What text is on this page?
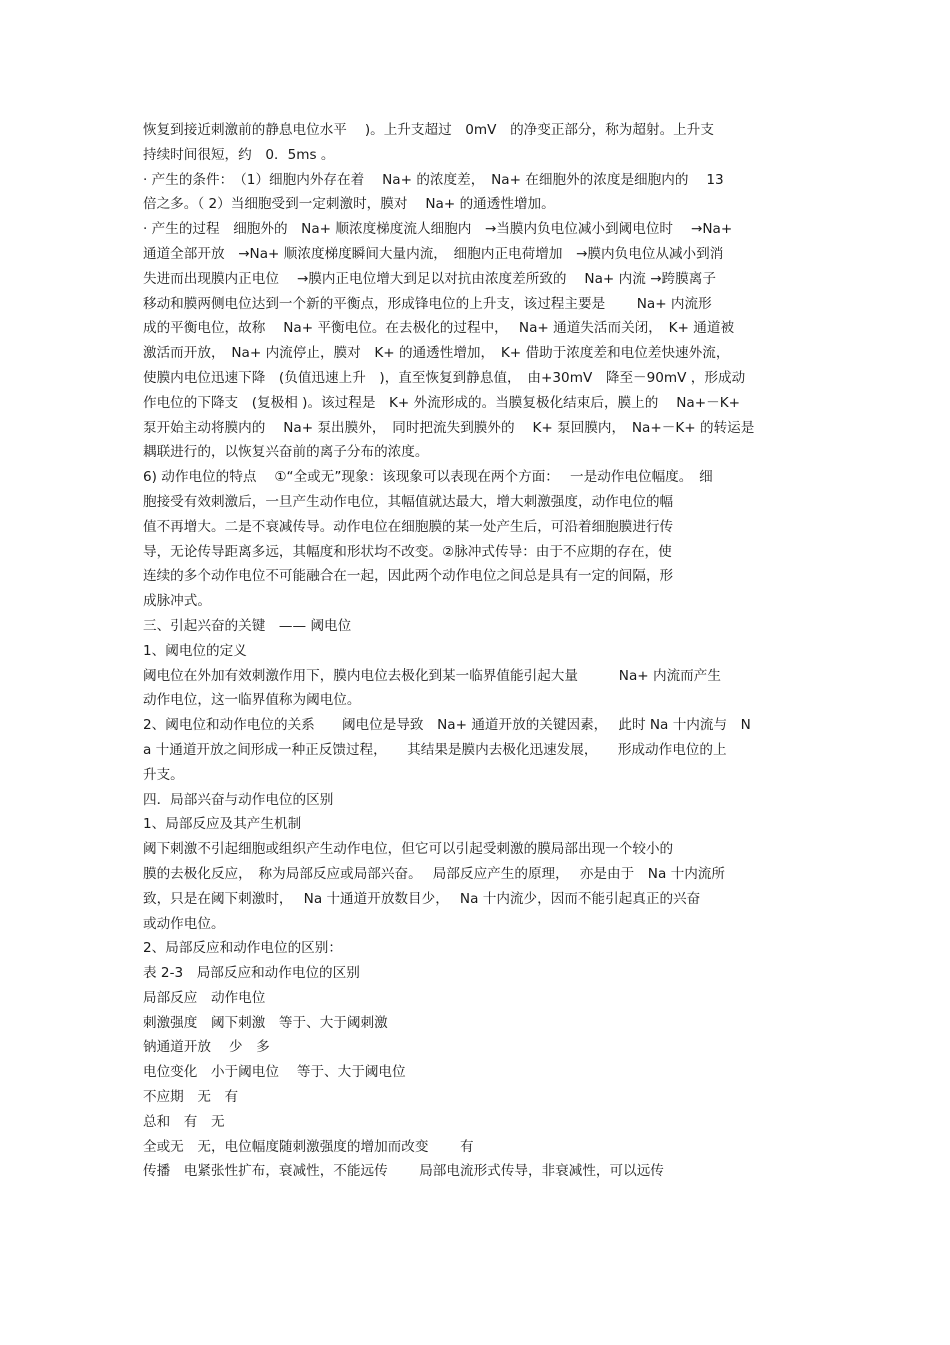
恢复到接近刺激前的静息电位水平　 )。上升支超过　0mV　的净变正部分，称为超射。上升支
持续时间很短，约　0．5ms 。
· 产生的条件：　（1）细胞内外存在着　 Na+ 的浓度差，　Na+ 在细胞外的浓度是细胞内的　 13
倍之多。（ 2）当细胞受到一定刺激时，膜对　 Na+ 的通透性增加。
· 产生的过程　细胞外的　Na+ 顺浓度梯度流人细胞内　→当膜内负电位减小到阈电位时　 →Na+
通道全部开放　→Na+ 顺浓度梯度瞬间大量内流，　细胞内正电荷增加　→膜内负电位从减小到消
失进而出现膜内正电位　 →膜内正电位增大到足以对抗由浓度差所致的　 Na+ 内流 →跨膜离子
移动和膜两侧电位达到一个新的平衡点，形成锋电位的上升支，该过程主要是　　 Na+ 内流形
成的平衡电位，故称　 Na+ 平衡电位。在去极化的过程中，　 Na+ 通道失活而关闭，　K+ 通道被
激活而开放，　Na+ 内流停止，膜对　K+ 的通透性增加，　K+ 借助于浓度差和电位差快速外流，
使膜内电位迅速下降　(负值迅速上升　)，直至恢复到静息值，　由+30mV　降至－90mV ，形成动
作电位的下降支　(复极相 )。该过程是　K+ 外流形成的。当膜复极化结束后，膜上的　 Na+－K+
泵开始主动将膜内的　 Na+ 泵出膜外，　同时把流失到膜外的　 K+ 泵回膜内，　Na+－K+ 的转运是
耦联进行的，以恢复兴奋前的离子分布的浓度。
6) 动作电位的特点　 ①“全或无”现象：该现象可以表现在两个方面：　 一是动作电位幅度。　细
胞接受有效刺激后，一旦产生动作电位，其幅值就达最大，增大刺激强度，动作电位的幅
值不再增大。二是不衰减传导。动作电位在细胞膜的某一处产生后，可沿着细胞膜进行传
导，无论传导距离多远，其幅度和形状均不改变。②脉冲式传导：由于不应期的存在，使
连续的多个动作电位不可能融合在一起，因此两个动作电位之间总是具有一定的间隔，形
成脉冲式。
三、引起兴奋的关键　—— 阈电位
1、阈电位的定义
阈电位在外加有效刺激作用下，膜内电位去极化到某一临界值能引起大量　　　Na+ 内流而产生
动作电位，这一临界值称为阈电位。
2、阈电位和动作电位的关系　　阈电位是导致　Na+ 通道开放的关键因素，　 此时 Na 十内流与　N
a 十通道开放之间形成一种正反馈过程，　　其结果是膜内去极化迅速发展，　　形成动作电位的上
升支。
四．局部兴奋与动作电位的区别
1、局部反应及其产生机制
阈下刺激不引起细胞或组织产生动作电位，但它可以引起受刺激的膜局部出现一个较小的
膜的去极化反应，　称为局部反应或局部兴奋。　 局部反应产生的原理，　 亦是由于　Na 十内流所
致，只是在阈下刺激时，　 Na 十通道开放数目少，　 Na 十内流少，因而不能引起真正的兴奋
或动作电位。
2、局部反应和动作电位的区别：
表 2-3　局部反应和动作电位的区别
局部反应　动作电位
刺激强度　阈下刺激　等于、大于阈刺激
钠通道开放　 少　多
电位变化　小于阈电位　 等于、大于阈电位
不应期　无　有
总和　有　无
全或无　无，电位幅度随刺激强度的增加而改变　　 有
传播　电紧张性扩布，衰减性，不能远传　　 局部电流形式传导，非衰减性，可以远传
